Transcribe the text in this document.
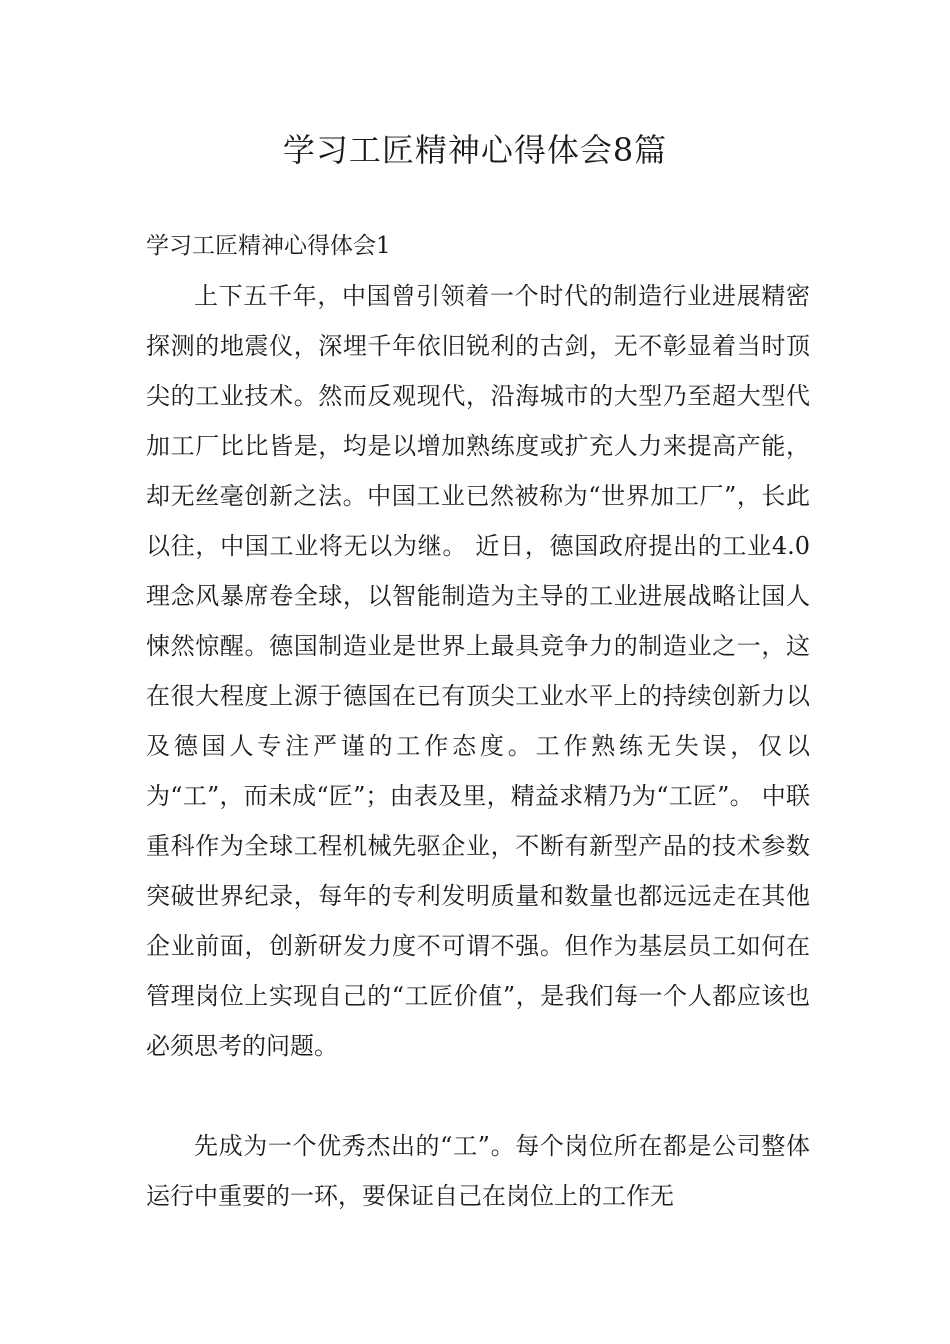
学习工匠精神心得体会8篇
学习工匠精神心得体会1

上下五千年，中国曾引领着一个时代的制造行业进展精密探测的地震仪，深埋千年依旧锐利的古剑，无不彰显着当时顶尖的工业技术。然而反观现代，沿海城市的大型乃至超大型代加工厂比比皆是，均是以增加熟练度或扩充人力来提高产能，却无丝毫创新之法。中国工业已然被称为“世界加工厂”，长此以往，中国工业将无以为继。 近日，德国政府提出的工业4.0理念风暴席卷全球，以智能制造为主导的工业进展战略让国人悚然惊醒。德国制造业是世界上最具竞争力的制造业之一，这在很大程度上源于德国在已有顶尖工业水平上的持续创新力以及德国人专注严谨的工作态度。工作熟练无失误，仅以为“工”，而未成“匠”；由表及里，精益求精乃为“工匠”。 中联重科作为全球工程机械先驱企业，不断有新型产品的技术参数突破世界纪录，每年的专利发明质量和数量也都远远走在其他企业前面，创新研发力度不可谓不强。但作为基层员工如何在管理岗位上实现自己的“工匠价值”，是我们每一个人都应该也必须思考的问题。

先成为一个优秀杰出的“工”。每个岗位所在都是公司整体运行中重要的一环，要保证自己在岗位上的工作无
